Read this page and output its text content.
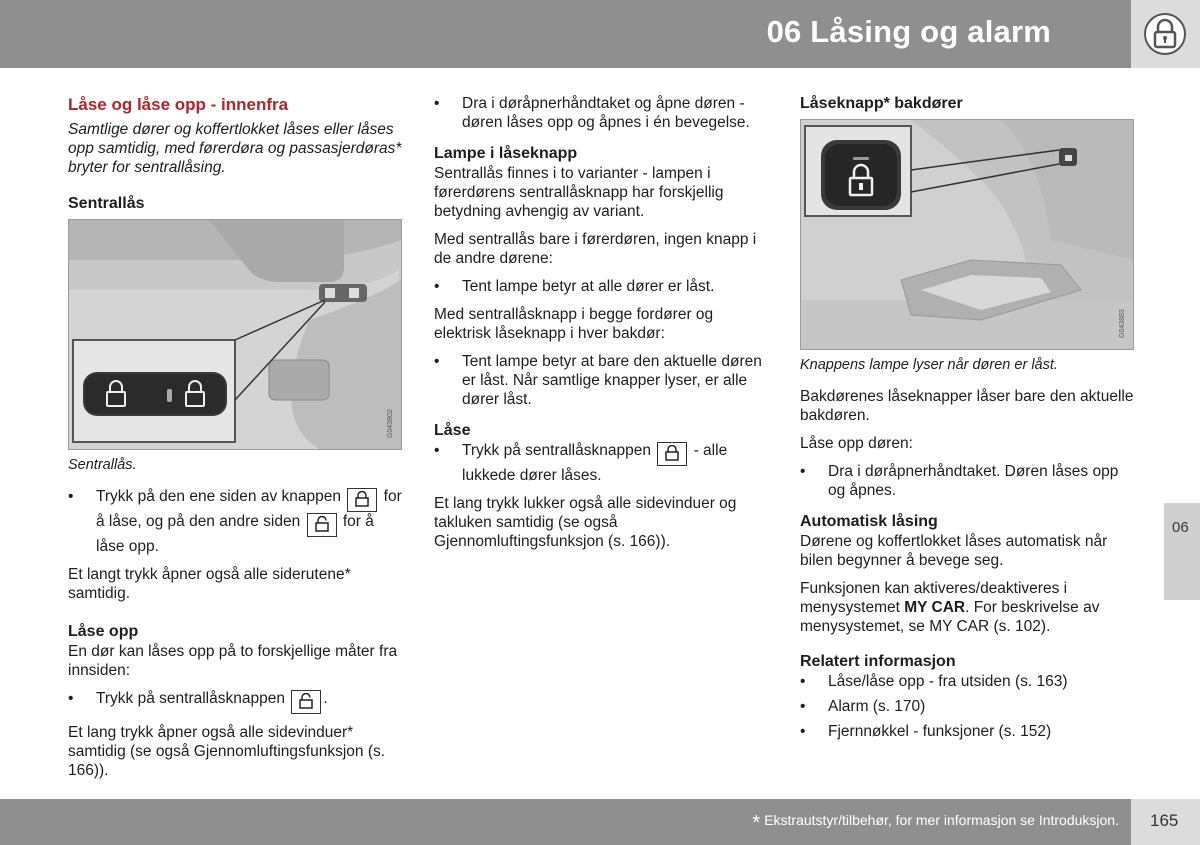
06 Låsing og alarm
06
Låse og låse opp - innenfra

Samtlige dører og koffertlokket låses eller låses opp samtidig, med førerdøra og passasjerdøras* bryter for sentrallåsing.

Sentrallås
G043802
Sentrallås.
• Trykk på den ene siden av knappen	for å låse, og på den andre siden	for å låse opp.

Et langt trykk åpner også alle siderutene* samtidig.

Låse opp

En dør kan låses opp på to forskjellige måter fra innsiden:

• Trykk på sentrallåsknappen .

Et lang trykk åpner også alle sidevinduer* samtidig (se også Gjennomluftingsfunksjon (s. 166)).

• Dra i døråpnerhåndtaket og åpne døren - døren låses opp og åpnes i én bevegelse.
Lampe i låseknapp

Sentrallås finnes i to varianter - lampen i førerdørens sentrallåsknapp har forskjellig betydning avhengig av variant.

Med sentrallås bare i førerdøren, ingen knapp i de andre dørene:

• Tent lampe betyr at alle dører er låst.

Med sentrallåsknapp i begge fordører og elektrisk låseknapp i hver bakdør:

• Tent lampe betyr at bare den aktuelle døren er låst. Når samtlige knapper lyser, er alle dører låst.
Låse
• Trykk på sentrallåsknappen	- alle lukkede dører låses.

Et lang trykk lukker også alle sidevinduer og takluken samtidig (se også Gjennomluftingsfunksjon (s. 166)).

Låseknapp* bakdører
G043883
Knappens lampe lyser når døren er låst.

Bakdørenes låseknapper låser bare den aktuelle bakdøren.

Låse opp døren:

• Dra i døråpnerhåndtaket. Døren låses opp og åpnes.
Automatisk låsing

Dørene og koffertlokket låses automatisk når bilen begynner å bevege seg.

Funksjonen kan aktiveres/deaktiveres i menysystemet MY CAR. For beskrivelse av menysystemet, se MY CAR (s. 102).

Relatert informasjon
• Låse/låse opp - fra utsiden (s. 163)
• Alarm (s. 170)
• Fjernnøkkel - funksjoner (s. 152)
* Ekstrautstyr/tilbehør, for mer informasjon se Introduksjon. 165
